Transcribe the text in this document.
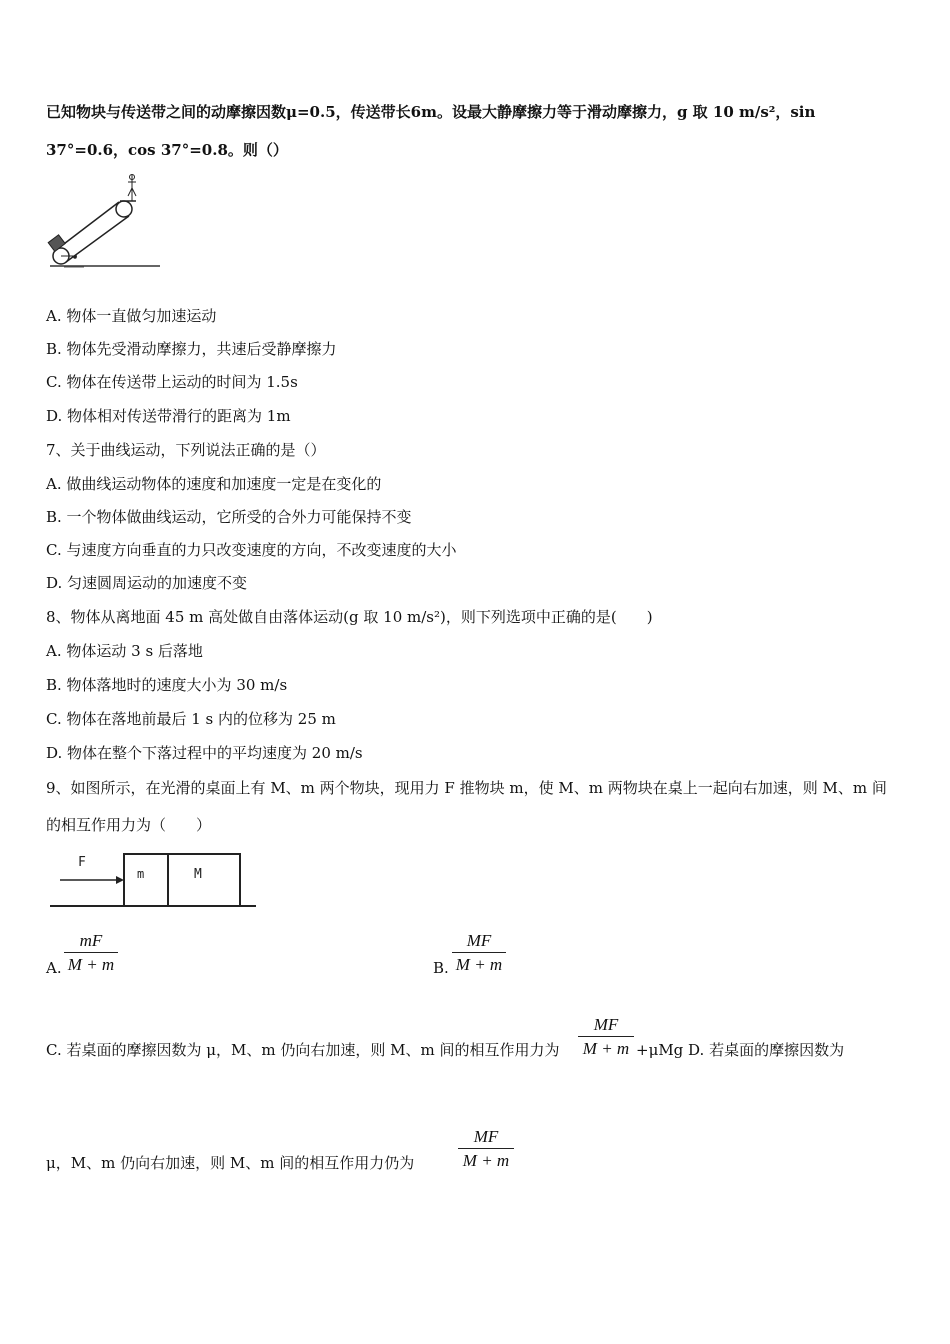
已知物块与传送带之间的动摩擦因数μ=0.5，传送带长6m。设最大静摩擦力等于滑动摩擦力，g 取 10 m/s²，sin
37°=0.6，cos 37°=0.8。则（）
A. 物体一直做匀加速运动
B. 物体先受滑动摩擦力，共速后受静摩擦力
C. 物体在传送带上运动的时间为 1.5s
D. 物体相对传送带滑行的距离为 1m
7、关于曲线运动，下列说法正确的是（）
A. 做曲线运动物体的速度和加速度一定是在变化的
B. 一个物体做曲线运动，它所受的合外力可能保持不变
C. 与速度方向垂直的力只改变速度的方向，不改变速度的大小
D. 匀速圆周运动的加速度不变
8、物体从离地面 45 m 高处做自由落体运动(g 取 10 m/s²)，则下列选项中正确的是(　　)
A. 物体运动 3 s 后落地
B. 物体落地时的速度大小为 30 m/s
C. 物体在落地前最后 1 s 内的位移为 25 m
D. 物体在整个下落过程中的平均速度为 20 m/s
9、如图所示，在光滑的桌面上有 M、m 两个物块，现用力 F 推物块 m，使 M、m 两物块在桌上一起向右加速，则 M、m 间
的相互作用力为（　　）
F
m	M
A. $\frac{mF}{M + m}$	B. $\frac{MF}{M + m}$
C. 若桌面的摩擦因数为 μ，M、m 仍向右加速，则 M、m 间的相互作用力为 $\frac{MF}{M + m} +\mu Mg$ D. 若桌面的摩擦因数为
μ，M、m 仍向右加速，则 M、m 间的相互作用力仍为	$\frac{MF}{M + m}$
